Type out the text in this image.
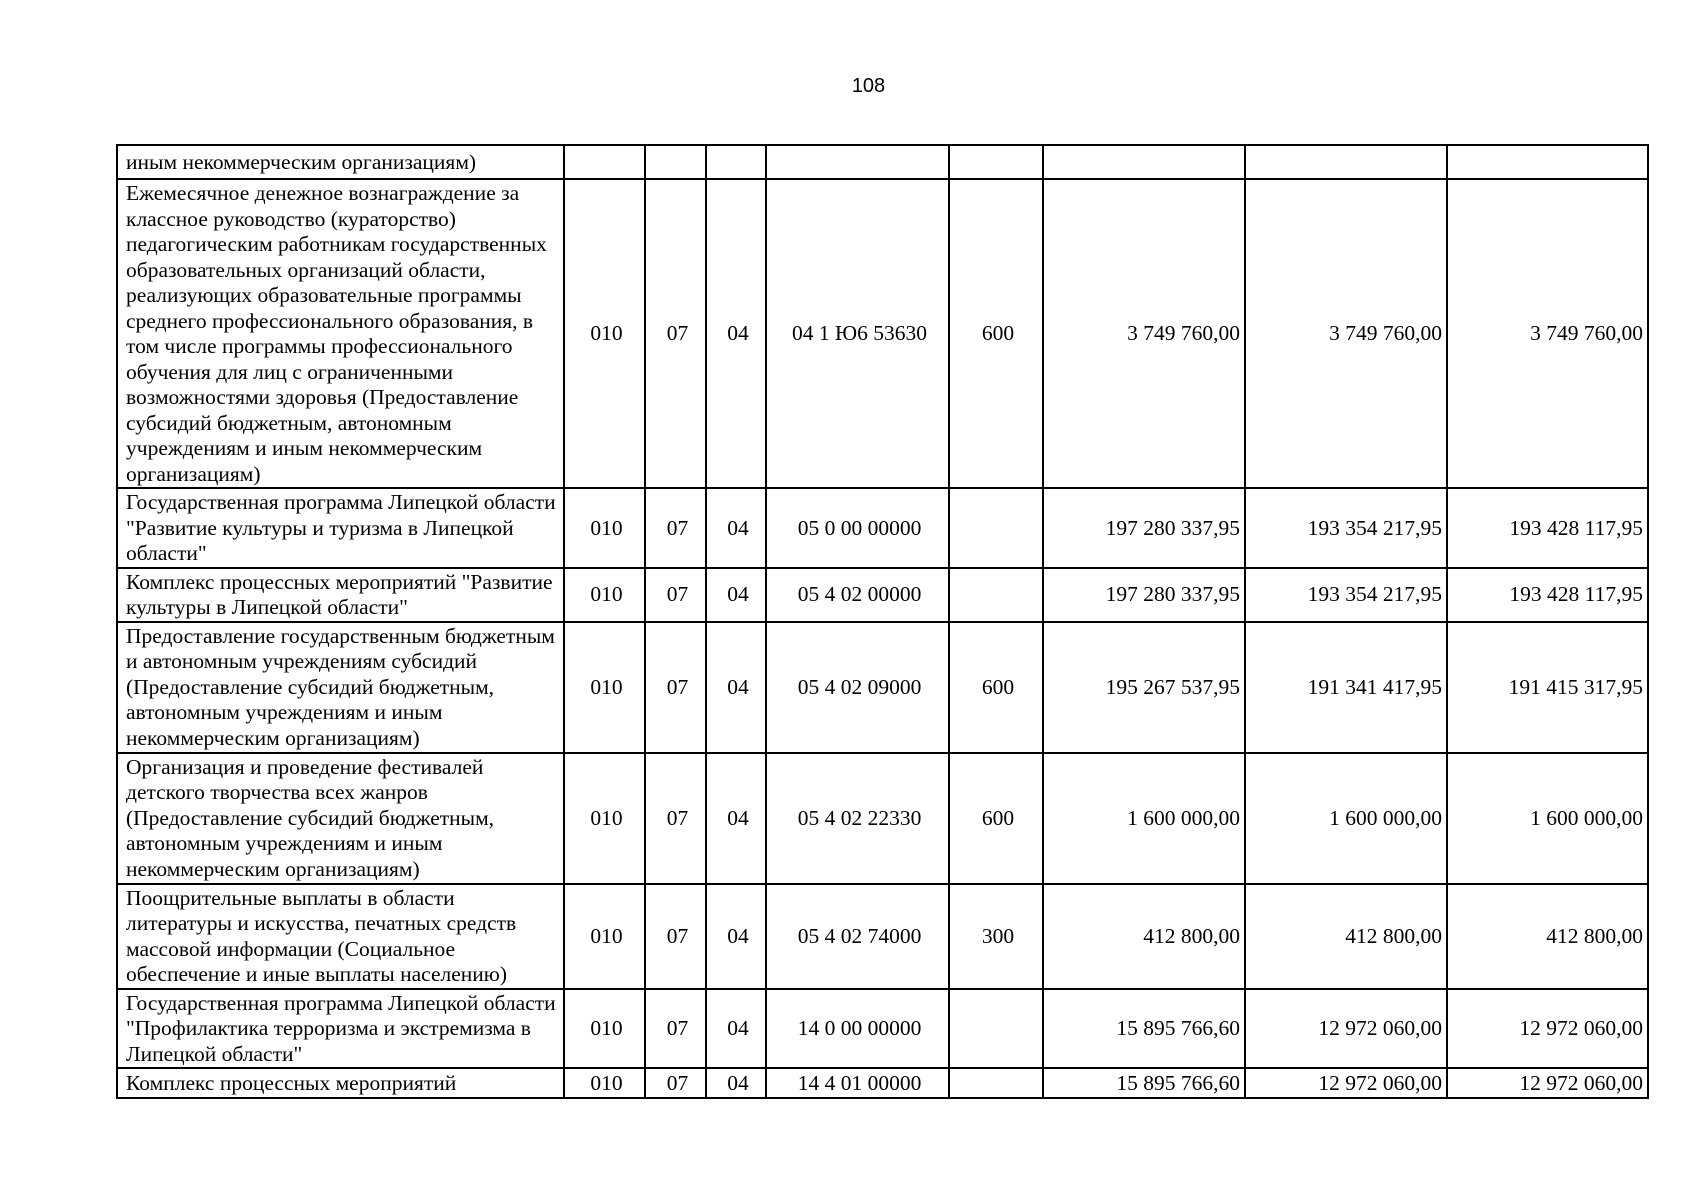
108
иным некоммерческим организациям)								
Ежемесячное денежное вознаграждение за классное руководство (кураторство) педагогическим работникам государственных образовательных организаций области, реализующих образовательные программы среднего профессионального образования, в том числе программы профессионального обучения для лиц с ограниченными возможностями здоровья (Предоставление субсидий бюджетным, автономным учреждениям и иным некоммерческим организациям)	010	07	04	04 1 Ю6 53630	600	3 749 760,00	3 749 760,00	3 749 760,00
Государственная программа Липецкой области "Развитие культуры и туризма в Липецкой области"	010	07	04	05 0 00 00000		197 280 337,95	193 354 217,95	193 428 117,95
Комплекс процессных мероприятий "Развитие культуры в Липецкой области"	010	07	04	05 4 02 00000		197 280 337,95	193 354 217,95	193 428 117,95
Предоставление государственным бюджетным и автономным учреждениям субсидий (Предоставление субсидий бюджетным, автономным учреждениям и иным некоммерческим организациям)	010	07	04	05 4 02 09000	600	195 267 537,95	191 341 417,95	191 415 317,95
Организация и проведение фестивалей детского творчества всех жанров (Предоставление субсидий бюджетным, автономным учреждениям и иным некоммерческим организациям)	010	07	04	05 4 02 22330	600	1 600 000,00	1 600 000,00	1 600 000,00
Поощрительные выплаты в области литературы и искусства, печатных средств массовой информации (Социальное обеспечение и иные выплаты населению)	010	07	04	05 4 02 74000	300	412 800,00	412 800,00	412 800,00
Государственная программа Липецкой области "Профилактика терроризма и экстремизма в Липецкой области"	010	07	04	14 0 00 00000		15 895 766,60	12 972 060,00	12 972 060,00
Комплекс процессных мероприятий	010	07	04	14 4 01 00000		15 895 766,60	12 972 060,00	12 972 060,00
